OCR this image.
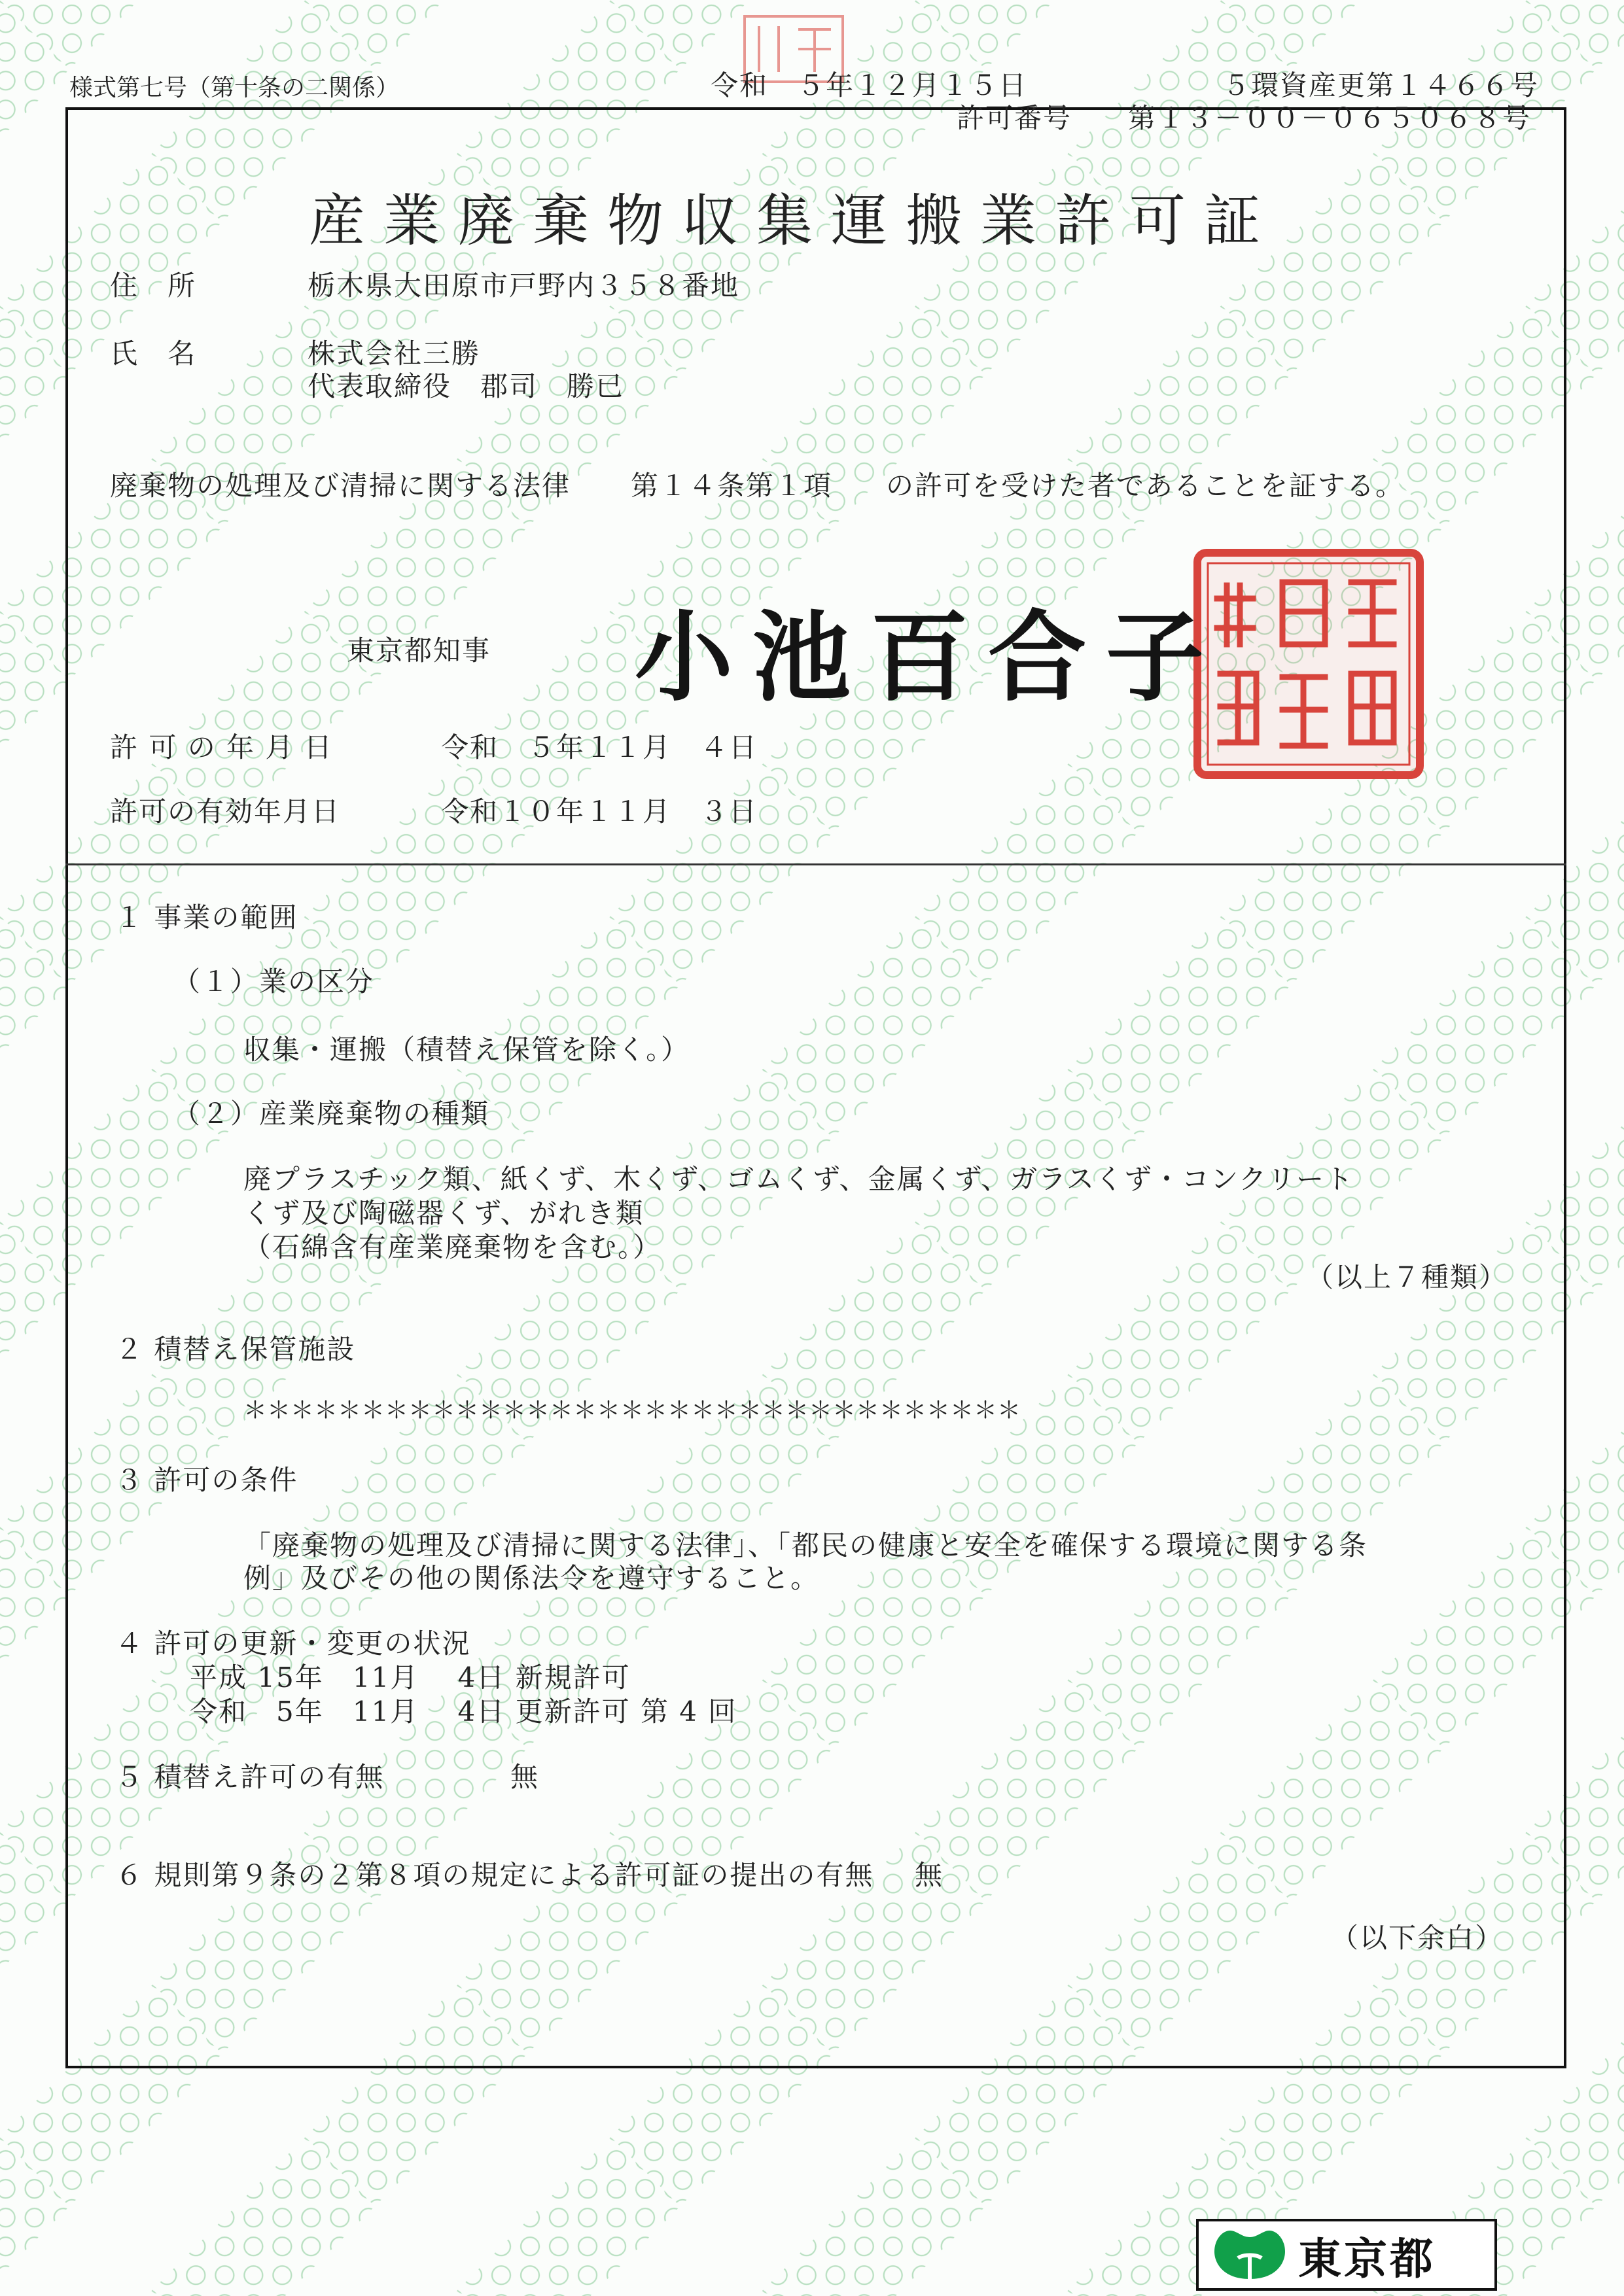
様式第七号（第十条の二関係）	令和　５年１２月１５日	５環資産更第１４６６号
許可番号 第１３－００－０６５０６８号
産業廃棄物収集運搬業許可証
住　所	栃木県大田原市戸野内３５８番地
氏　名	株式会社三勝
代表取締役　郡司　勝已
廃棄物の処理及び清掃に関する法律 第１４条第１項 の許可を受けた者であることを証する。
東京都知事 小池百合子
許 可 の 年 月 日	令和　５年１１月　４日
許可の有効年月日	令和１０年１１月　３日
１ 事業の範囲
（１）業の区分
収集・運搬（積替え保管を除く。）
（２）産業廃棄物の種類
廃プラスチック類、紙くず、木くず、ゴムくず、金属くず、ガラスくず・コンクリート
くず及び陶磁器くず、がれき類
（石綿含有産業廃棄物を含む。）
（以上７種類）
２ 積替え保管施設
＊＊＊＊＊＊＊＊＊＊＊＊＊＊＊＊＊＊＊＊＊＊＊＊＊＊＊＊＊＊＊＊＊
３ 許可の条件
「廃棄物の処理及び清掃に関する法律」、「都民の健康と安全を確保する環境に関する条
例」及びその他の関係法令を遵守すること。
４ 許可の更新・変更の状況
平成 15年　11月　 4日 新規許可
令和　5年　11月　 4日 更新許可 第 4 回
５ 積替え許可の有無	無
６ 規則第９条の２第８項の規定による許可証の提出の有無 無
（以下余白）
東京都
